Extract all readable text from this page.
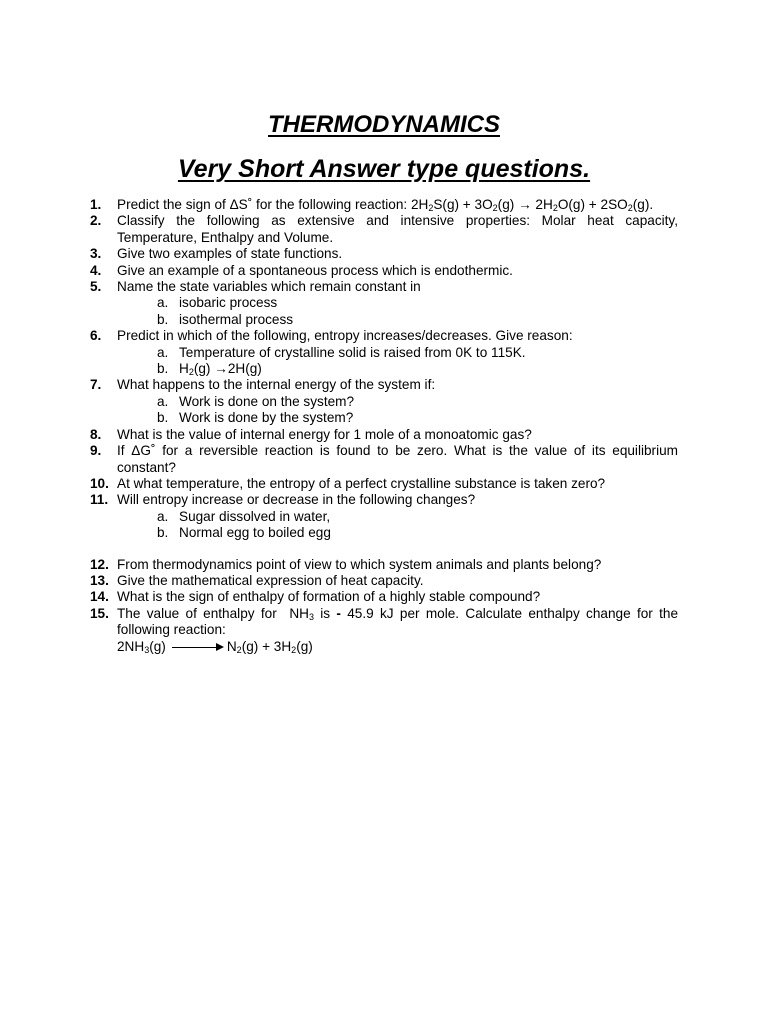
THERMODYNAMICS
Very Short Answer type questions.
1.	Predict the sign of ΔS˚ for the following reaction: $2H_2S(g) + 3O_2(g) \to 2H_2O(g) + 2SO_2(g)$.
2.	Classify the following as extensive and intensive properties: Molar heat capacity, Temperature, Enthalpy and Volume.
3.	Give two examples of state functions.
4.	Give an example of a spontaneous process which is endothermic.
5.	Name the state variables which remain constant in
a. isobaric process
b. isothermal process
6.	Predict in which of the following, entropy increases/decreases. Give reason:
a. Temperature of crystalline solid is raised from 0K to 115K.
b. $H_2(g) \to 2H(g)$
7.	What happens to the internal energy of the system if:
a. Work is done on the system?
b. Work is done by the system?
8.	What is the value of internal energy for 1 mole of a monoatomic gas?
9.	If ΔG˚ for a reversible reaction is found to be zero. What is the value of its equilibrium constant?
10. At what temperature, the entropy of a perfect crystalline substance is taken zero?
11. Will entropy increase or decrease in the following changes?
a. Sugar dissolved in water,
b. Normal egg to boiled egg
12. From thermodynamics point of view to which system animals and plants belong?
13. Give the mathematical expression of heat capacity.
14. What is the sign of enthalpy of formation of a highly stable compound?
15. The value of enthalpy for  $NH_3$ is - 45.9 kJ per mole. Calculate enthalpy change for the following reaction:
$2NH_3(g)$	$N_2(g) + 3H_2(g)$
